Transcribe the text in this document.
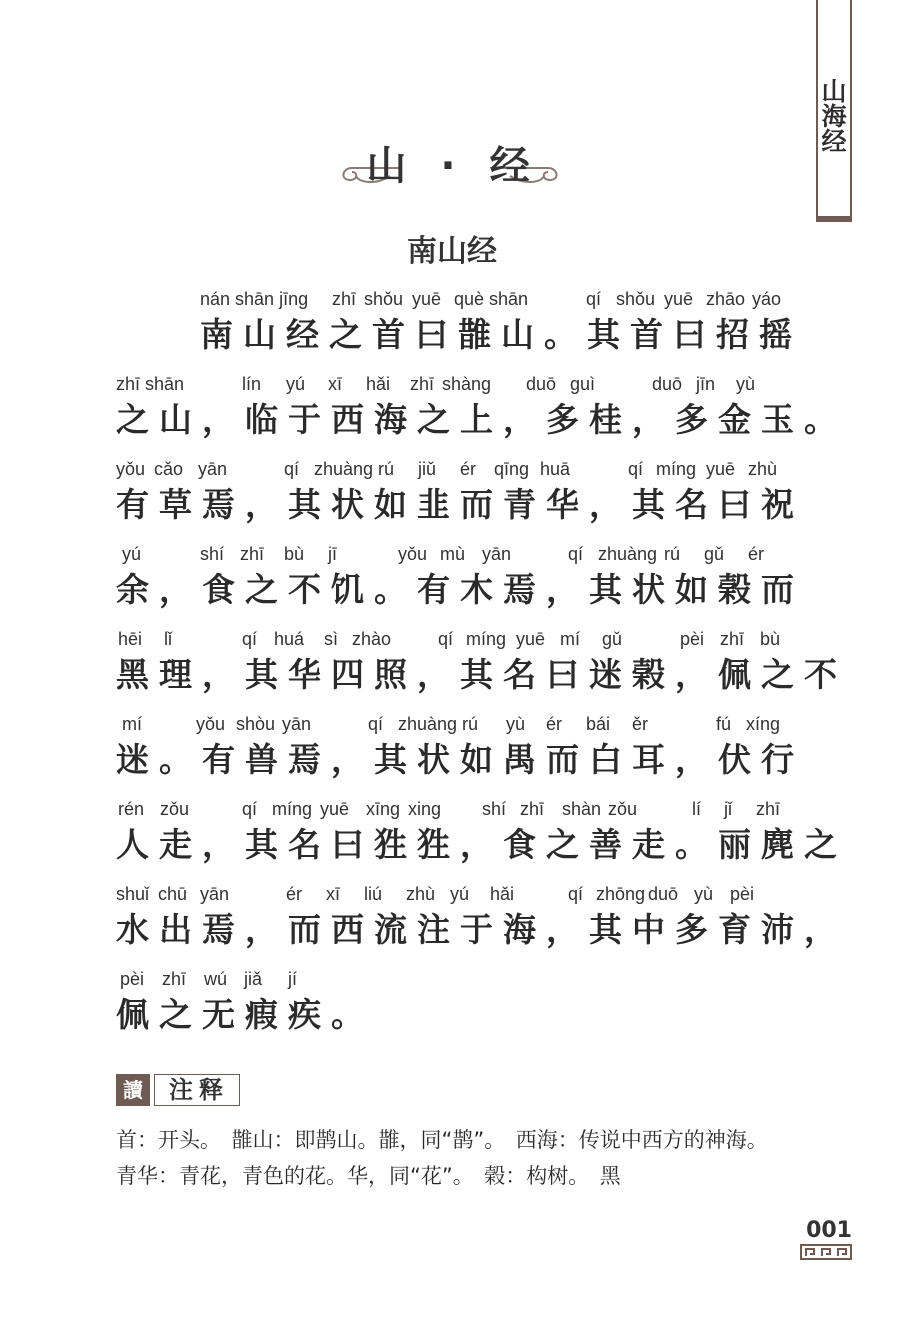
山海经
山·经
南山经
nán shān jīng zhī shǒu yuē què shān	qí shǒu yuē zhāo yáo
南山经之首曰䧿山。其首曰招摇
zhī shān	lín yú xī hǎi zhī shàng duō guì	duō jīn yù
之山，临于西海之上，多桂，多金玉。
yǒu cǎo yān	qí zhuàng rú jiǔ ér qīng huā	qí míng yuē zhù
有草焉，其状如韭而青华，其名曰祝
yú	shí zhī bù jī	yǒu mù yān	qí zhuàng rú gǔ ér
余，食之不饥。有木焉，其状如榖而
hēi lǐ	qí huá sì zhào	qí míng yuē mí gǔ	pèi zhī bù
黑理，其华四照，其名曰迷榖，佩之不
mí	yǒu shòu yān	qí zhuàng rú yù ér bái ěr	fú xíng
迷。有兽焉，其状如禺而白耳，伏行
rén zǒu	qí míng yuē xīng xing shí zhī shàn zǒu	lí jǐ zhī
人走，其名曰狌狌，食之善走。丽麂之
shuǐ chū yān	ér xī liú zhù yú hǎi	qí zhōng duō yù pèi
水出焉，而西流注于海，其中多育沛，
pèi zhī wú jiǎ jí
佩之无瘕疾。
讀	注释
首：开头。　䧿山：即鹊山。䧿，同“鹊”。　西海：传说中西方的神海。　青华：青花，青色的花。华，同“花”。　榖：构树。　黑
001
